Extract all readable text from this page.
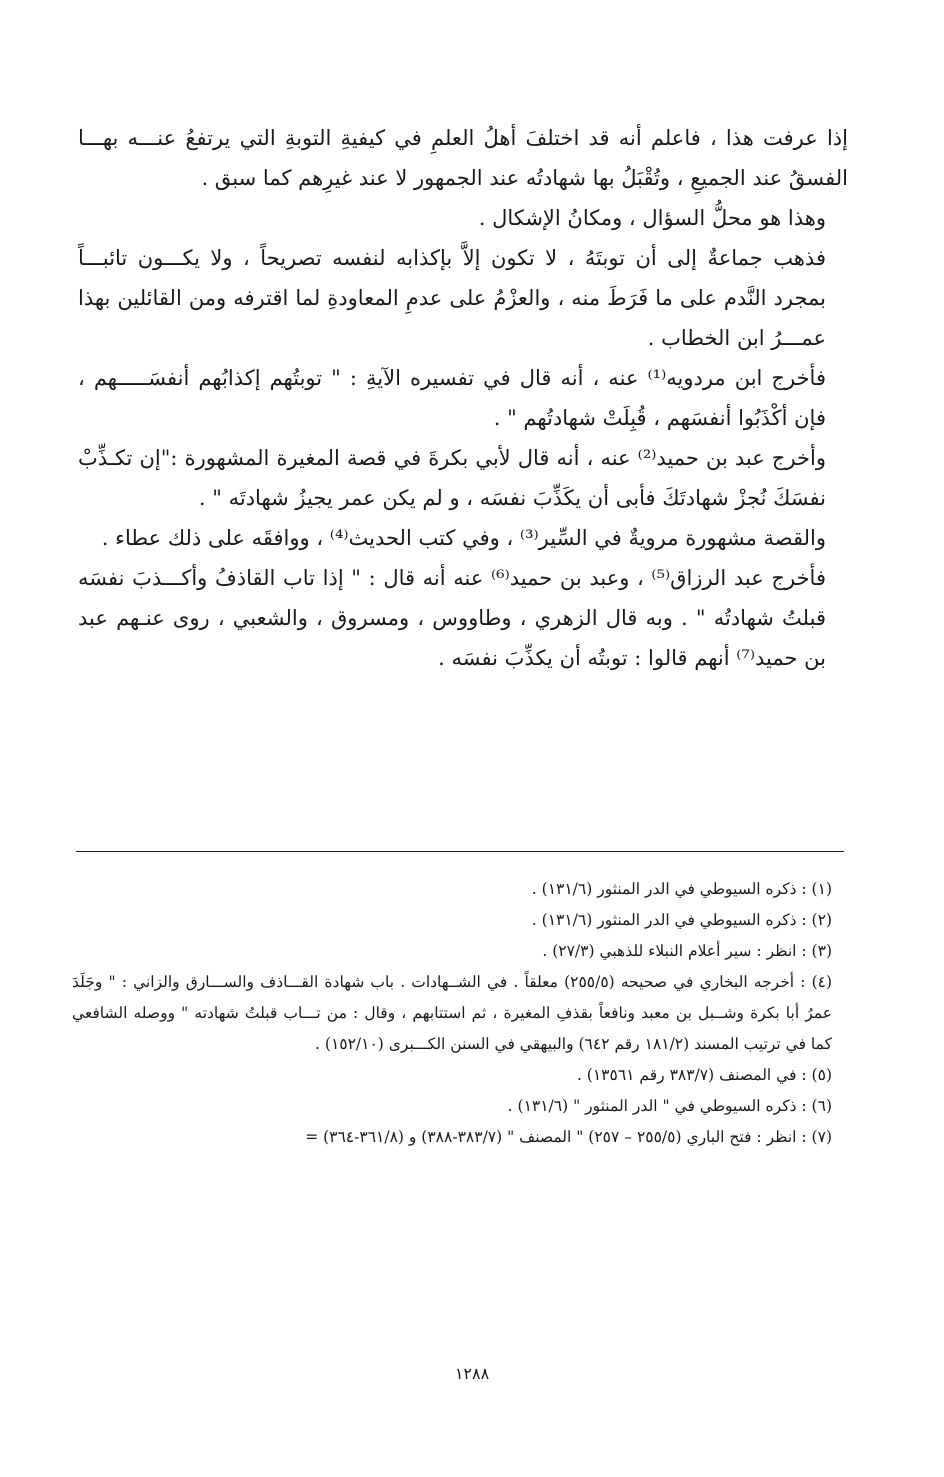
إذا عرفت هذا ، فاعلم أنه قد اختلفَ أهلُ العلمِ في كيفيةِ التوبةِ التي يرتفعُ عنـــه بهـــا الفسقُ عند الجميعِ ، وتُقْبَلُ بها شهادتُه عند الجمهور لا عند غيرِهم كما سبق .

وهذا هو محلُّ السؤال ، ومكانُ الإشكال .

فذهب جماعةٌ إلى أن توبتَهُ ، لا تكون إلاَّ بإكذابه لنفسه تصريحاً ، ولا يكـــون تائبـــاً بمجرد النَّدم على ما فَرَطَ منه ، والعزْمُ على عدمِ المعاودةِ لما اقترفه ومن القائلين بهذا عمـــرُ ابن الخطاب .

فأخرج ابن مردويه⁽¹⁾ عنه ، أنه قال في تفسيره الآيةِ : " توبتُهم إكذابُهم أنفسَـــــهم ، فإن أكْذَبُوا أنفسَهم ، قُبِلَتْ شهادتُهم " .

وأخرج عبد بن حميد⁽²⁾ عنه ، أنه قال لأبي بكرةَ في قصة المغيرة المشهورة :"إن تكـذِّبْ نفسَكَ نُجزْ شهادتَكَ فأبى أن يكَذِّبَ نفسَه ، و لم يكن عمر يجيزُ شهادتَه " .

والقصة مشهورة مرويةٌ في السِّير⁽³⁾ ، وفي كتب الحديث⁽⁴⁾ ، ووافقَه على ذلك عطاء .

فأخرج عبد الرزاق⁽⁵⁾ ، وعبد بن حميد⁽⁶⁾ عنه أنه قال : " إذا تاب القاذفُ وأكـــذبَ نفسَه قبلتُ شهادتُه " . وبه قال الزهري ، وطاووس ، ومسروق ، والشعبي ، روى عنـهم عبد بن حميد⁽⁷⁾ أنهم قالوا : توبتُه أن يكذِّبَ نفسَه .

(١) : ذكره السيوطي في الدر المنثور (١٣١/٦) .

(٢) : ذكره السيوطي في الدر المنثور (١٣١/٦) .

(٣) : انظر : سير أعلام النبلاء للذهبي (٢٧/٣) .

(٤) : أخرجه البخاري في صحيحه (٢٥٥/٥) معلقاً . في الشــهادات . باب شهادة القـــاذف والســـارق والزاني : " وجَلَدَ عمرُ أبا بكرة وشــبل بن معبد ونافعاً بقذفِ المغيرة ، ثم استتابهم ، وقال : من تـــاب قبلتُ شهادته " ووصله الشافعي كما في ترتيب المسند (١٨١/٢ رقم ٦٤٢) والبيهقي في السنن الكـــبرى (١٥٢/١٠) .

(٥) : في المصنف (٣٨٣/٧ رقم ١٣٥٦١) .

(٦) : ذكره السيوطي في " الدر المنثور " (١٣١/٦) .

(٧) : انظر : فتح الباري (٢٥٥/٥ – ٢٥٧) " المصنف " (٣٨٣/٧-٣٨٨) و (٣٦١/٨-٣٦٤) =

١٢٨٨
